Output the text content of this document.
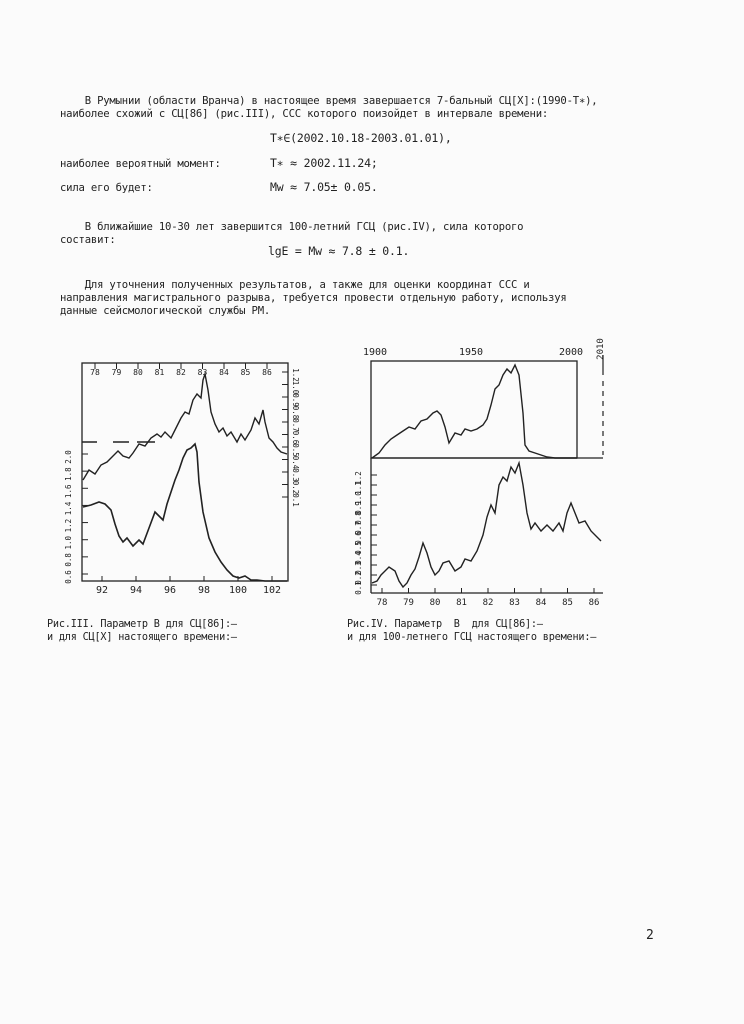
В Румынии (области Вранча) в настоящее время завершается 7-бальный СЦ[Х]:(1990-T∗),
наиболее схожий с СЦ[86] (рис.III), ССС которого поизойдет в интервале времени:
T∗∈(2002.10.18-2003.01.01),
наиболее вероятный момент:	T∗ ≈ 2002.11.24;
сила его будет:	Mw ≈ 7.05± 0.05.
В ближайшие 10-30 лет завершится 100-летний ГСЦ (рис.IV), сила которого
составит:
lgE = Mw ≈ 7.8 ± 0.1.
Для уточнения полученных результатов, а также для оценки координат ССС и
направления магистрального разрыва, требуется провести отдельную работу, используя
данные сейсмологической службы РМ.
78 79 80 81 82 83 84 85 86	1.2
1.0
0.9
0.8
0.7
0.6
0.5
0.4
0.3
0.2
0.1
2.0
1.8
1.6
1.4
1.2
1.0
0.8
0.6
92 94 96 98 100 102
Рис.III. Параметр В для СЦ[86]:—
и для СЦ[Х] настоящего времени:—
1900	1950	2000 2010
1.2
1.1
1.0
0.9
0.8
0.7
0.6
0.5
0.4
0.3
0.2
0.1
78 79 80 81 82 83 84 85 86
Рис.IV. Параметр  В  для СЦ[86]:—
и для 100-летнего ГСЦ настоящего времени:—
2
